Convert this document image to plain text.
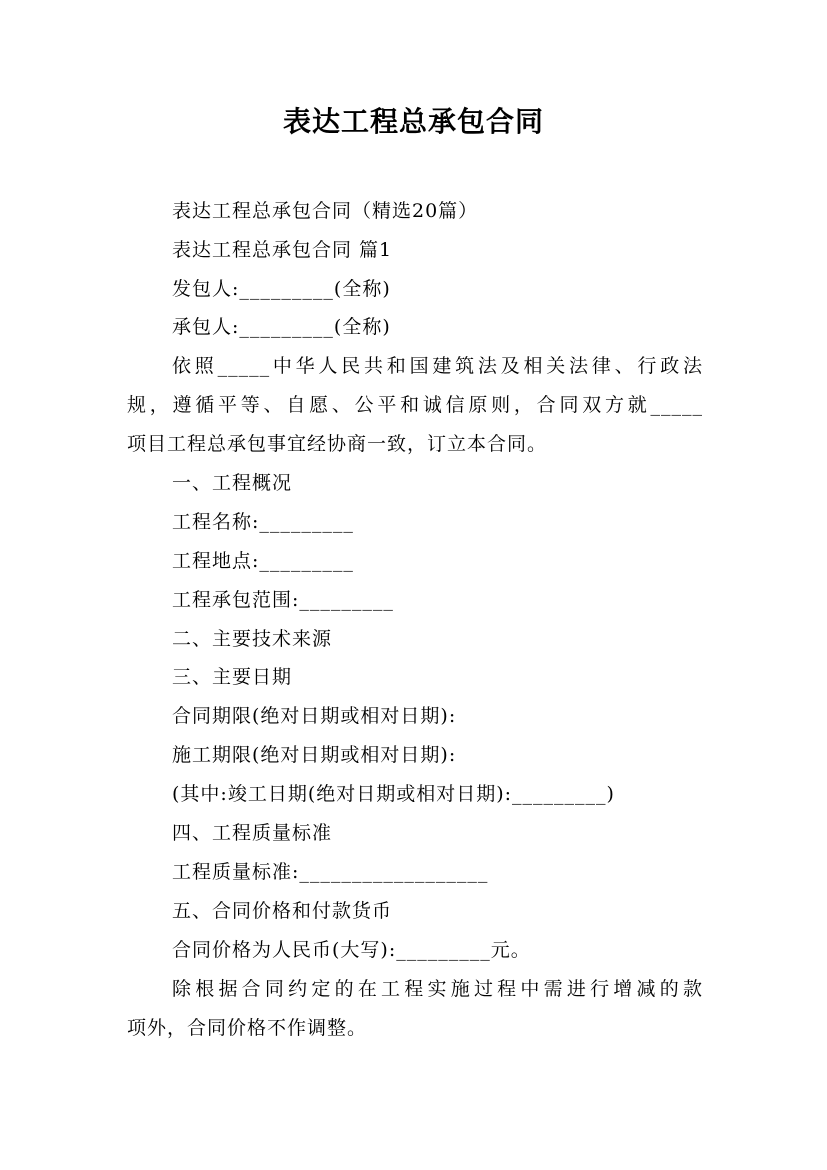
表达工程总承包合同
表达工程总承包合同（精选20篇）
表达工程总承包合同 篇1
发包人:_________(全称)
承包人:_________(全称)
依照_____中华人民共和国建筑法及相关法律、行政法
规，遵循平等、自愿、公平和诚信原则，合同双方就_____
项目工程总承包事宜经协商一致，订立本合同。
一、工程概况
工程名称:_________
工程地点:_________
工程承包范围:_________
二、主要技术来源
三、主要日期
合同期限(绝对日期或相对日期):
施工期限(绝对日期或相对日期):
(其中:竣工日期(绝对日期或相对日期):_________)
四、工程质量标准
工程质量标准:__________________
五、合同价格和付款货币
合同价格为人民币(大写):_________元。
除根据合同约定的在工程实施过程中需进行增减的款
项外，合同价格不作调整。
